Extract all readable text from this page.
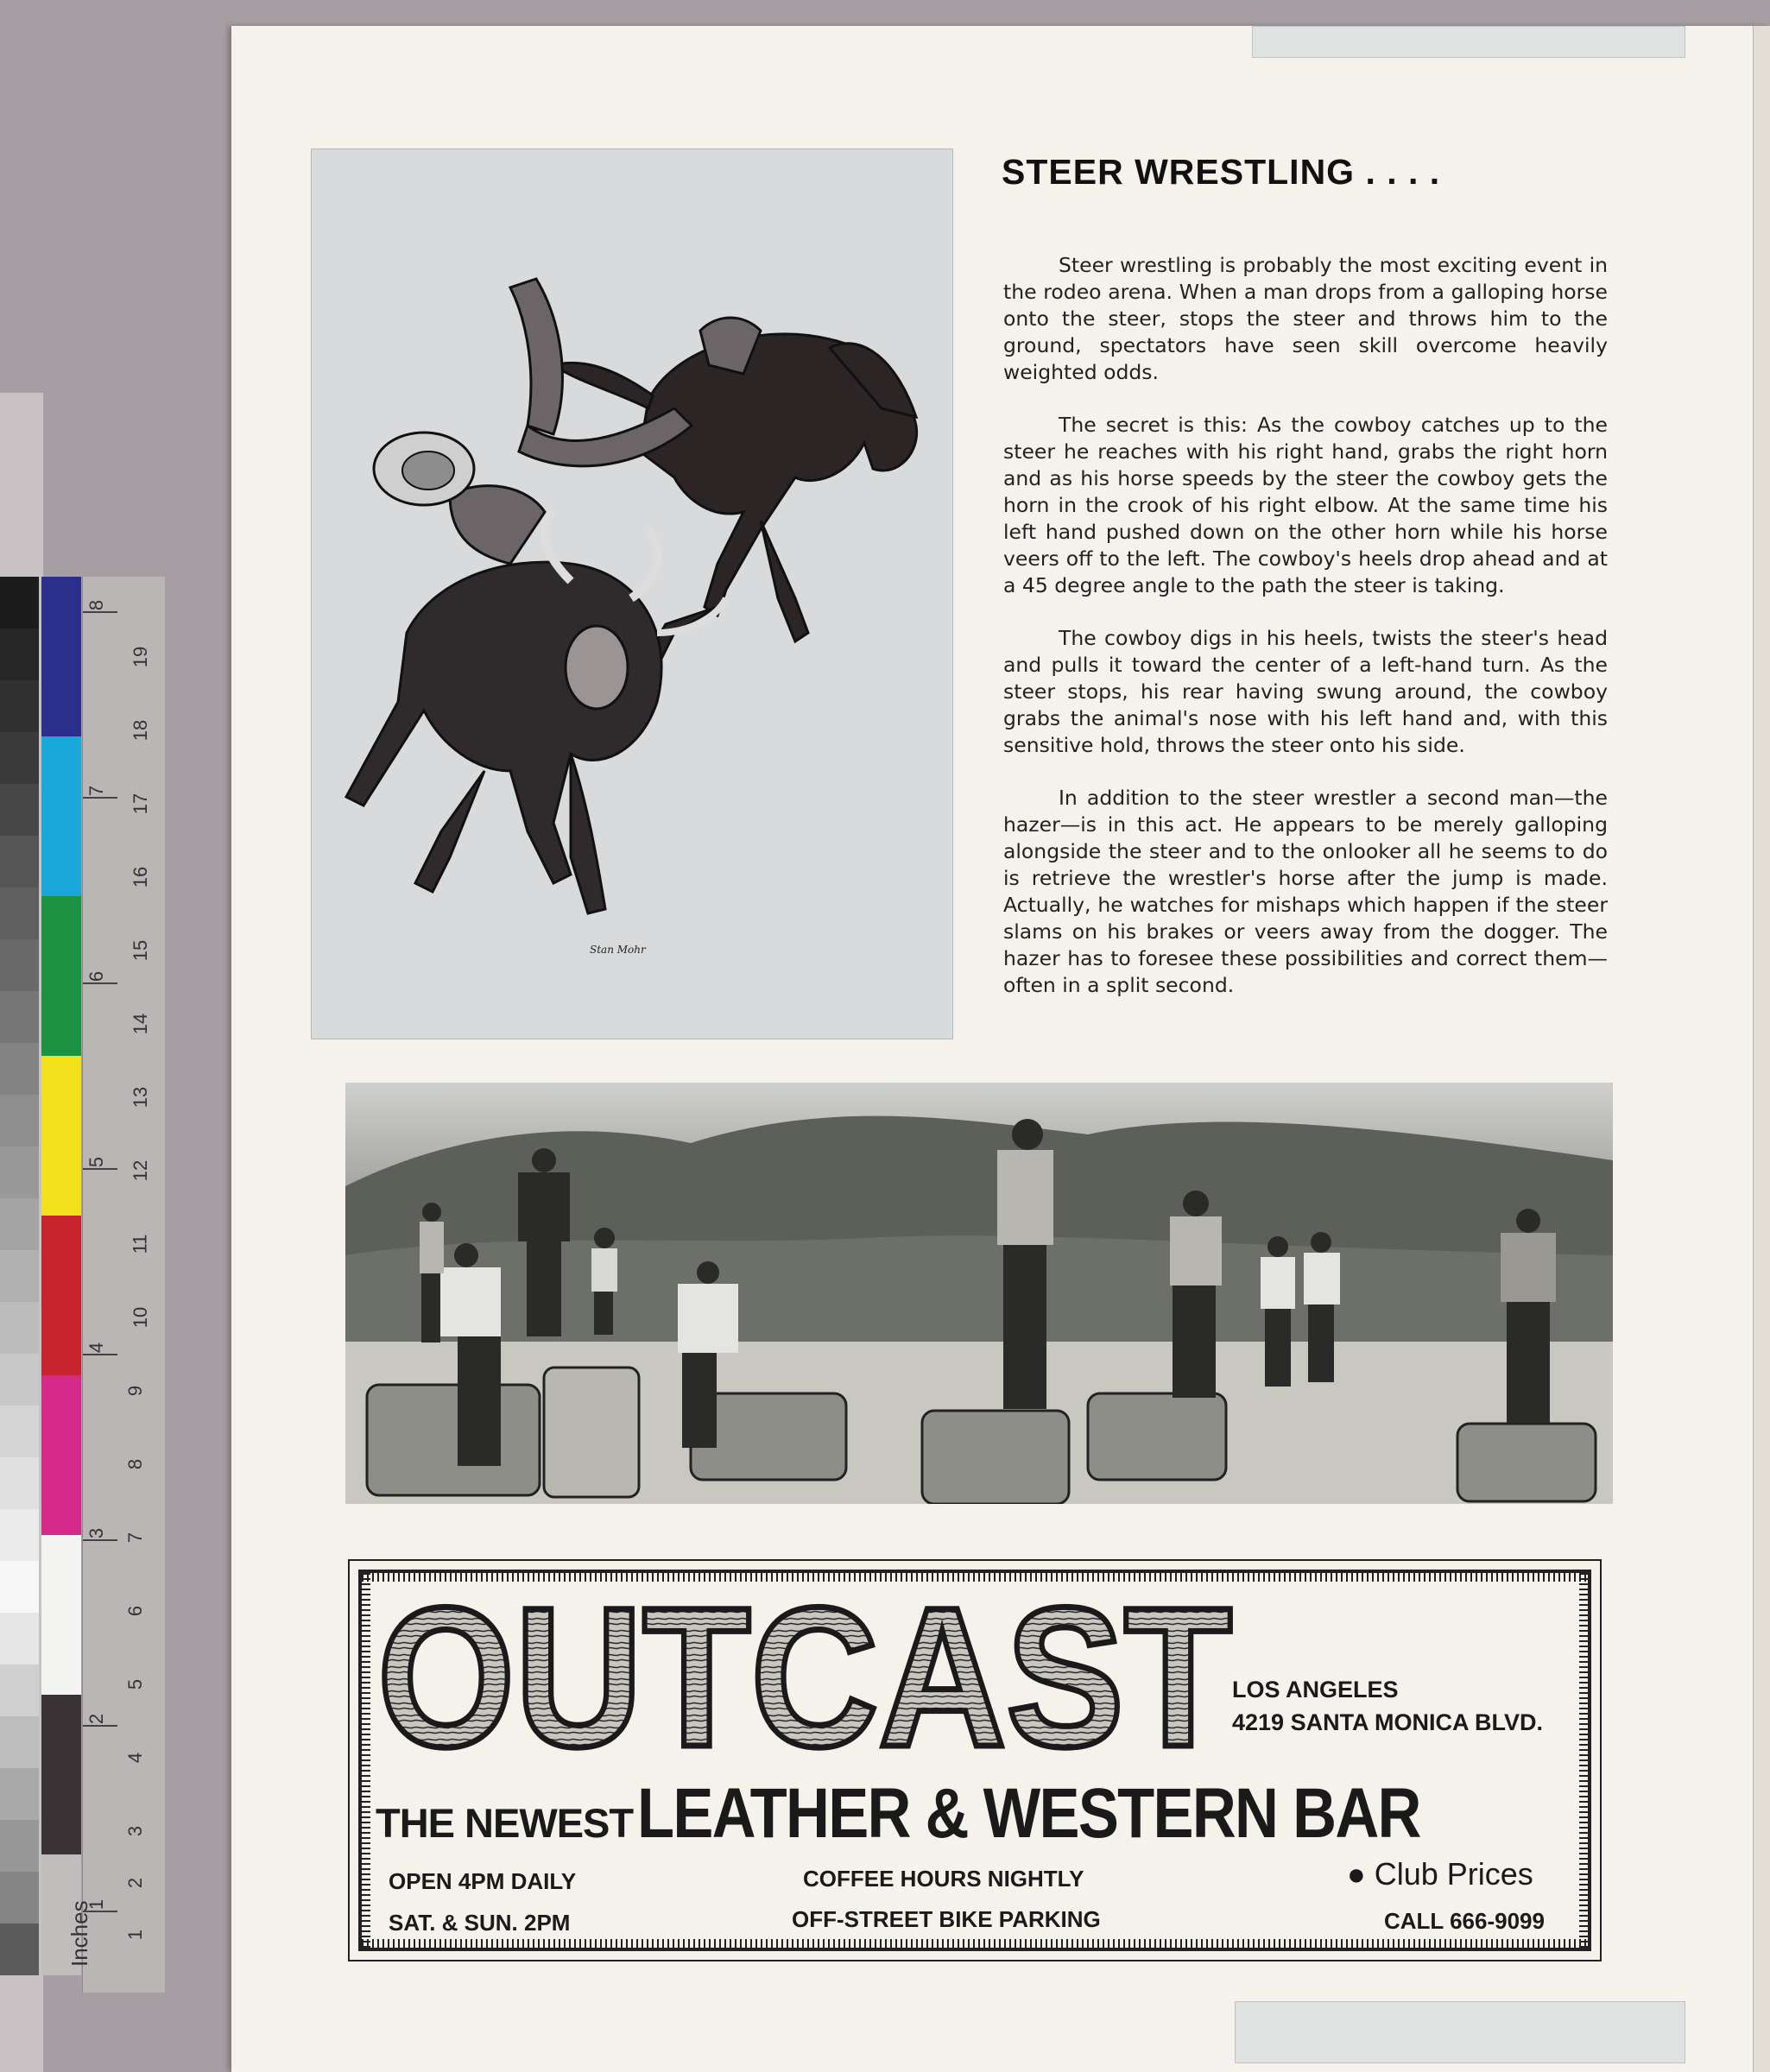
8
7
6
5
4
3
2
1
19
18
17
16
15
14
13
12
11
10
9
8
7
6
5
4
3
2
1
Inches
Stan Mohr
STEER WRESTLING . . . .

Steer wrestling is probably the most exciting event in the rodeo arena. When a man drops from a galloping horse onto the steer, stops the steer and throws him to the ground, spectators have seen skill overcome heavily weighted odds.

The secret is this: As the cowboy catches up to the steer he reaches with his right hand, grabs the right horn and as his horse speeds by the steer the cowboy gets the horn in the crook of his right elbow. At the same time his left hand pushed down on the other horn while his horse veers off to the left. The cowboy's heels drop ahead and at a 45 degree angle to the path the steer is taking.

The cowboy digs in his heels, twists the steer's head and pulls it toward the center of a left-hand turn. As the steer stops, his rear having swung around, the cowboy grabs the animal's nose with his left hand and, with this sensitive hold, throws the steer onto his side.

In addition to the steer wrestler a second man—the hazer—is in this act. He appears to be merely galloping alongside the steer and to the onlooker all he seems to do is retrieve the wrestler's horse after the jump is made. Actually, he watches for mishaps which happen if the steer slams on his brakes or veers away from the dogger. The hazer has to foresee these possibilities and correct them—often in a split second.

OUTCAST LOS ANGELES
4219 SANTA MONICA BLVD.
THE NEWEST LEATHER & WESTERN BAR
OPEN 4PM DAILY
SAT. & SUN. 2PM
COFFEE HOURS NIGHTLY
OFF-STREET BIKE PARKING
● Club Prices
CALL 666-9099
